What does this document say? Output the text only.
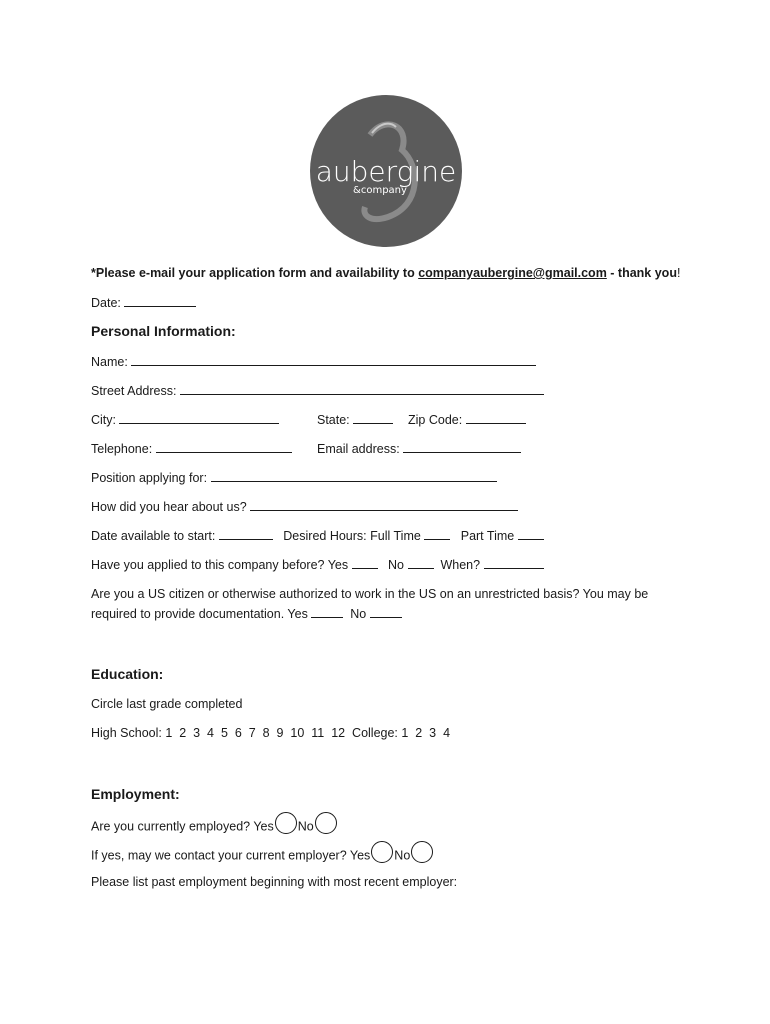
aubergine
&company
*Please e-mail your application form and availability to companyaubergine@gmail.com - thank you!
Date:
Personal Information:
Name:
Street Address:
City:	State:	Zip Code:
Telephone:	Email address:
Position applying for:
How did you hear about us?
Date available to start:	Desired Hours: Full Time	Part Time
Have you applied to this company before? Yes	No	When?
Are you a US citizen or otherwise authorized to work in the US on an unrestricted basis? You may be
required to provide documentation. Yes	No
Education:
Circle last grade completed
High School: 1  2  3  4  5  6  7  8  9  10  11  12  College: 1  2  3  4
Employment:
Are you currently employed? Yes No
If yes, may we contact your current employer? Yes No
Please list past employment beginning with most recent employer:
